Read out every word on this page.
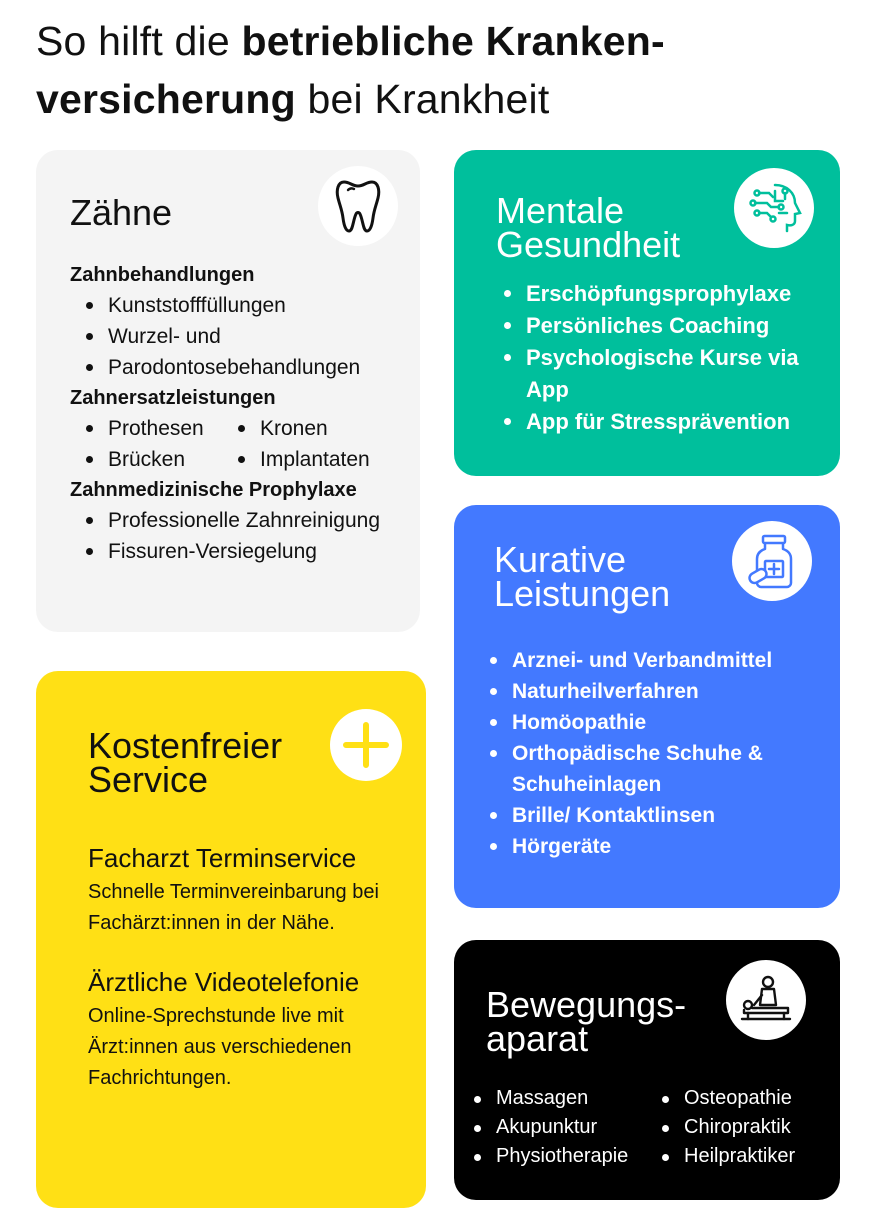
So hilft die betriebliche Kranken-versicherung bei Krankheit
Zähne
Zahnbehandlungen
Kunststofffüllungen
Wurzel- und
Parodontosebehandlungen
Zahnersatzleistungen
Prothesen	Kronen
Brücken	Implantaten
Zahnmedizinische Prophylaxe
Professionelle Zahnreinigung
Fissuren-Versiegelung
Mentale
Gesundheit
Erschöpfungsprophylaxe
Persönliches Coaching
Psychologische Kurse via App
App für Stressprävention
Kurative
Leistungen
Arznei- und Verbandmittel
Naturheilverfahren
Homöopathie
Orthopädische Schuhe & Schuheinlagen
Brille/ Kontaktlinsen
Hörgeräte
Kostenfreier
Service
Facharzt Terminservice

Schnelle Terminvereinbarung bei Fachärzt:innen in der Nähe.

Ärztliche Videotelefonie

Online-Sprechstunde live mit Ärzt:innen aus verschiedenen Fachrichtungen.

Bewegungs-
aparat
Massagen	Osteopathie
Akupunktur	Chiropraktik
Physiotherapie	Heilpraktiker
